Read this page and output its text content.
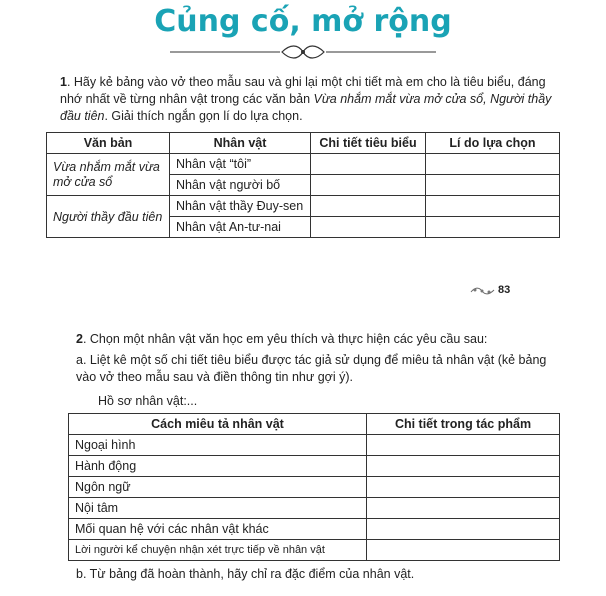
Củng cố, mở rộng
1. Hãy kẻ bảng vào vở theo mẫu sau và ghi lại một chi tiết mà em cho là tiêu biểu, đáng nhớ nhất về từng nhân vật trong các văn bản Vừa nhắm mắt vừa mở cửa sổ, Người thầy đầu tiên. Giải thích ngắn gọn lí do lựa chọn.
Văn bản	Nhân vật	Chi tiết tiêu biểu	Lí do lựa chọn
Vừa nhắm mắt vừa mở cửa sổ	Nhân vật “tôi”		
	Nhân vật người bố		
Người thầy đầu tiên	Nhân vật thầy Đuy-sen		
	Nhân vật An-tư-nai		
83
2. Chọn một nhân vật văn học em yêu thích và thực hiện các yêu cầu sau:
a. Liệt kê một số chi tiết tiêu biểu được tác giả sử dụng để miêu tả nhân vật (kẻ bảng vào vở theo mẫu sau và điền thông tin như gợi ý).
Hồ sơ nhân vật:...
Cách miêu tả nhân vật	Chi tiết trong tác phẩm
Ngoại hình	
Hành động	
Ngôn ngữ	
Nội tâm	
Mối quan hệ với các nhân vật khác	
Lời người kể chuyện nhận xét trực tiếp về nhân vật	
b. Từ bảng đã hoàn thành, hãy chỉ ra đặc điểm của nhân vật.
